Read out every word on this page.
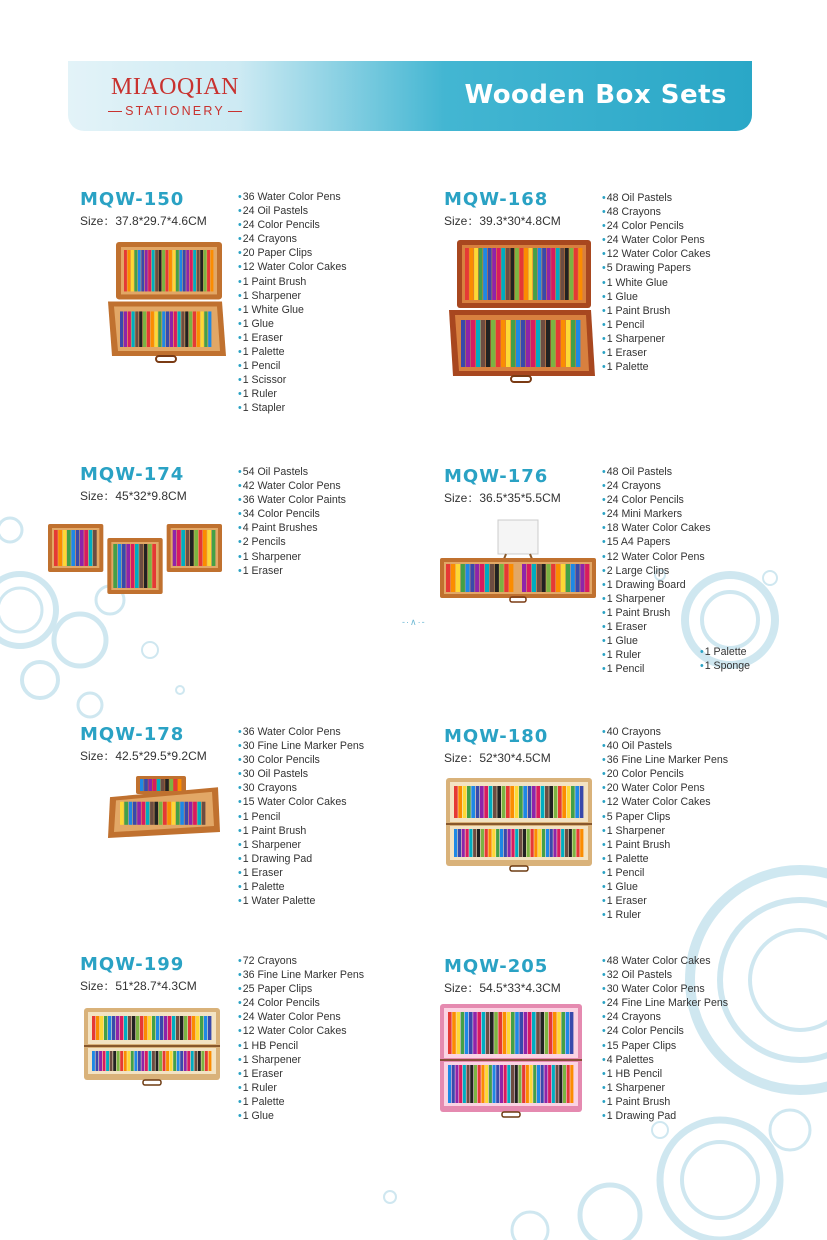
MIAOQIAN
STATIONERY
Wooden Box Sets
MQW-150
Size：37.8*29.7*4.6CM
• 36 Water Color Pens
• 24 Oil Pastels
• 24 Color Pencils
• 24 Crayons
• 20 Paper Clips
• 12 Water Color Cakes
• 1 Paint Brush
• 1 Sharpener
• 1 White Glue
• 1 Glue
• 1 Eraser
• 1 Palette
• 1 Pencil
• 1 Scissor
• 1 Ruler
• 1 Stapler
MQW-168
Size：39.3*30*4.8CM
• 48 Oil Pastels
• 48 Crayons
• 24 Color Pencils
• 24 Water Color Pens
• 12 Water Color Cakes
• 5 Drawing Papers
• 1 White Glue
• 1 Glue
• 1 Paint Brush
• 1 Pencil
• 1 Sharpener
• 1 Eraser
• 1 Palette
MQW-174
Size：45*32*9.8CM
• 54 Oil Pastels
• 42 Water Color Pens
• 36 Water Color Paints
• 34 Color Pencils
• 4 Paint Brushes
• 2 Pencils
• 1 Sharpener
• 1 Eraser
MQW-176
Size：36.5*35*5.5CM
• 48 Oil Pastels
• 24 Crayons
• 24 Color Pencils
• 24 Mini Markers
• 18 Water Color Cakes
• 15 A4 Papers
• 12 Water Color Pens
• 2 Large Clips
• 1 Drawing Board
• 1 Sharpener
• 1 Paint Brush
• 1 Eraser
• 1 Glue
• 1 Ruler
• 1 Pencil
• 1 Palette
• 1 Sponge
-·∧·-
MQW-178
Size：42.5*29.5*9.2CM
• 36 Water Color Pens
• 30 Fine Line Marker Pens
• 30 Color Pencils
• 30 Oil Pastels
• 30 Crayons
• 15 Water Color Cakes
• 1 Pencil
• 1 Paint Brush
• 1 Sharpener
• 1 Drawing Pad
• 1 Eraser
• 1 Palette
• 1 Water Palette
MQW-180
Size：52*30*4.5CM
• 40 Crayons
• 40 Oil Pastels
• 36 Fine Line Marker Pens
• 20 Color Pencils
• 20 Water Color Pens
• 12 Water Color Cakes
• 5 Paper Clips
• 1 Sharpener
• 1 Paint Brush
• 1 Palette
• 1 Pencil
• 1 Glue
• 1 Eraser
• 1 Ruler
MQW-199
Size：51*28.7*4.3CM
• 72 Crayons
• 36 Fine Line Marker Pens
• 25 Paper Clips
• 24 Color Pencils
• 24 Water Color Pens
• 12 Water Color Cakes
• 1 HB Pencil
• 1 Sharpener
• 1 Eraser
• 1 Ruler
• 1 Palette
• 1 Glue
MQW-205
Size：54.5*33*4.3CM
• 48 Water Color Cakes
• 32 Oil Pastels
• 30 Water Color Pens
• 24 Fine Line Marker Pens
• 24 Crayons
• 24 Color Pencils
• 15 Paper Clips
• 4 Palettes
• 1 HB Pencil
• 1 Sharpener
• 1 Paint Brush
• 1 Drawing Pad
